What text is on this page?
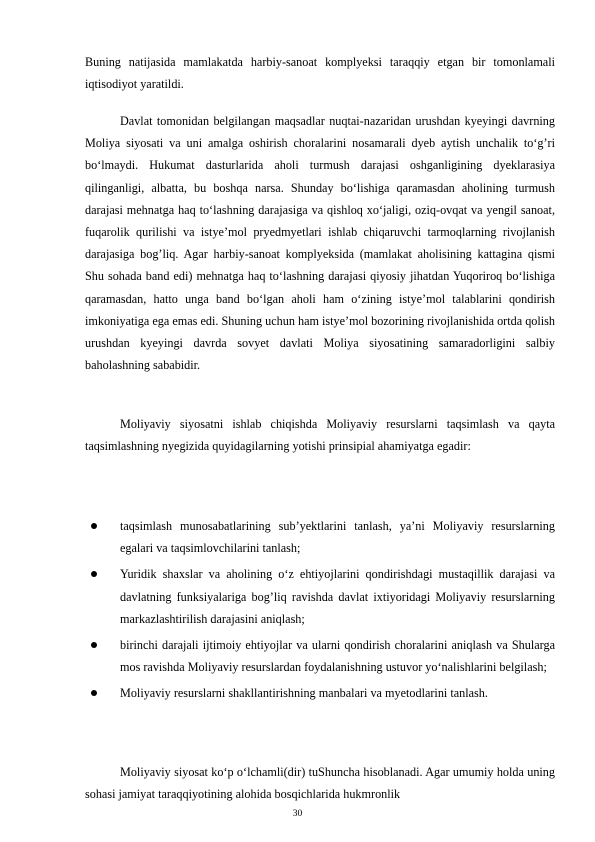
Buning natijasida mamlakatda harbiy-sanoat komplyeksi taraqqiy etgan bir tomonlamali iqtisodiyot yaratildi.

Davlat tomonidan belgilangan maqsadlar nuqtai-nazaridan urushdan kyeyingi davrning Moliya siyosati va uni amalga oshirish choralarini nosamarali dyeb aytish unchalik to‘g’ri bo‘lmaydi. Hukumat dasturlarida aholi turmush darajasi oshganligining dyeklarasiya qilinganligi, albatta, bu boshqa narsa. Shunday bo‘lishiga qaramasdan aholining turmush darajasi mehnatga haq to‘lashning darajasiga va qishloq xo‘jaligi, oziq-ovqat va yengil sanoat, fuqarolik qurilishi va istye’mol pryedmyetlari ishlab chiqaruvchi tarmoqlarning rivojlanish darajasiga bog’liq. Agar harbiy-sanoat komplyeksida (mamlakat aholisining kattagina qismi Shu sohada band edi) mehnatga haq to‘lashning darajasi qiyosiy jihatdan Yuqoriroq bo‘lishiga qaramasdan, hatto unga band bo‘lgan aholi ham o‘zining istye’mol talablarini qondirish imkoniyatiga ega emas edi. Shuning uchun ham istye’mol bozorining rivojlanishida ortda qolish urushdan kyeyingi davrda sovyet davlati Moliya siyosatining samaradorligini salbiy baholashning sababidir.

Moliyaviy siyosatni ishlab chiqishda Moliyaviy resurslarni taqsimlash va qayta taqsimlashning nyegizida quyidagilarning yotishi prinsipial ahamiyatga egadir:

taqsimlash munosabatlarining sub’yektlarini tanlash, ya’ni Moliyaviy resurslarning egalari va taqsimlovchilarini tanlash;
Yuridik shaxslar va aholining o‘z ehtiyojlarini qondirishdagi mustaqillik darajasi va davlatning funksiyalariga bog’liq ravishda davlat ixtiyoridagi Moliyaviy resurslarning markazlashtirilish darajasini aniqlash;
birinchi darajali ijtimoiy ehtiyojlar va ularni qondirish choralarini aniqlash va Shularga mos ravishda Moliyaviy resurslardan foydalanishning ustuvor yo‘nalishlarini belgilash;
Moliyaviy resurslarni shakllantirishning manbalari va myetodlarini tanlash.

Moliyaviy siyosat ko‘p o‘lchamli(dir) tuShuncha hisoblanadi. Agar umumiy holda uning sohasi jamiyat taraqqiyotining alohida bosqichlarida hukmronlik

30
